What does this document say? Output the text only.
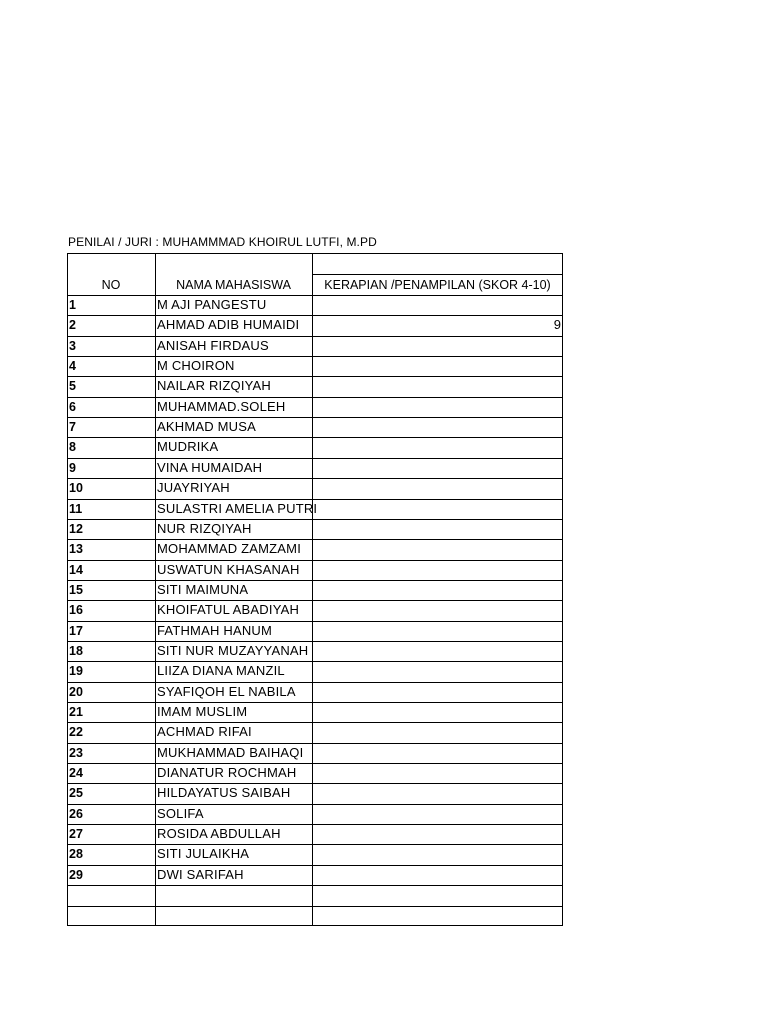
PENILAI / JURI : MUHAMMMAD KHOIRUL LUTFI, M.PD
NO	NAMA MAHASISWA	KERAPIAN /PENAMPILAN (SKOR 4-10)
1	M AJI PANGESTU
2	AHMAD ADIB HUMAIDI	9
3	ANISAH FIRDAUS
4	M CHOIRON
5	NAILAR RIZQIYAH
6	MUHAMMAD.SOLEH
7	AKHMAD MUSA
8	MUDRIKA
9	VINA HUMAIDAH
10	JUAYRIYAH
11	SULASTRI AMELIA PUTRI
12	NUR RIZQIYAH
13	MOHAMMAD ZAMZAMI
14	USWATUN KHASANAH
15	SITI MAIMUNA
16	KHOIFATUL ABADIYAH
17	FATHMAH HANUM
18	SITI NUR MUZAYYANAH
19	LIIZA DIANA MANZIL
20	SYAFIQOH EL NABILA
21	IMAM MUSLIM
22	ACHMAD RIFAI
23	MUKHAMMAD BAIHAQI
24	DIANATUR ROCHMAH
25	HILDAYATUS SAIBAH
26	SOLIFA
27	ROSIDA ABDULLAH
28	SITI JULAIKHA
29	DWI SARIFAH
